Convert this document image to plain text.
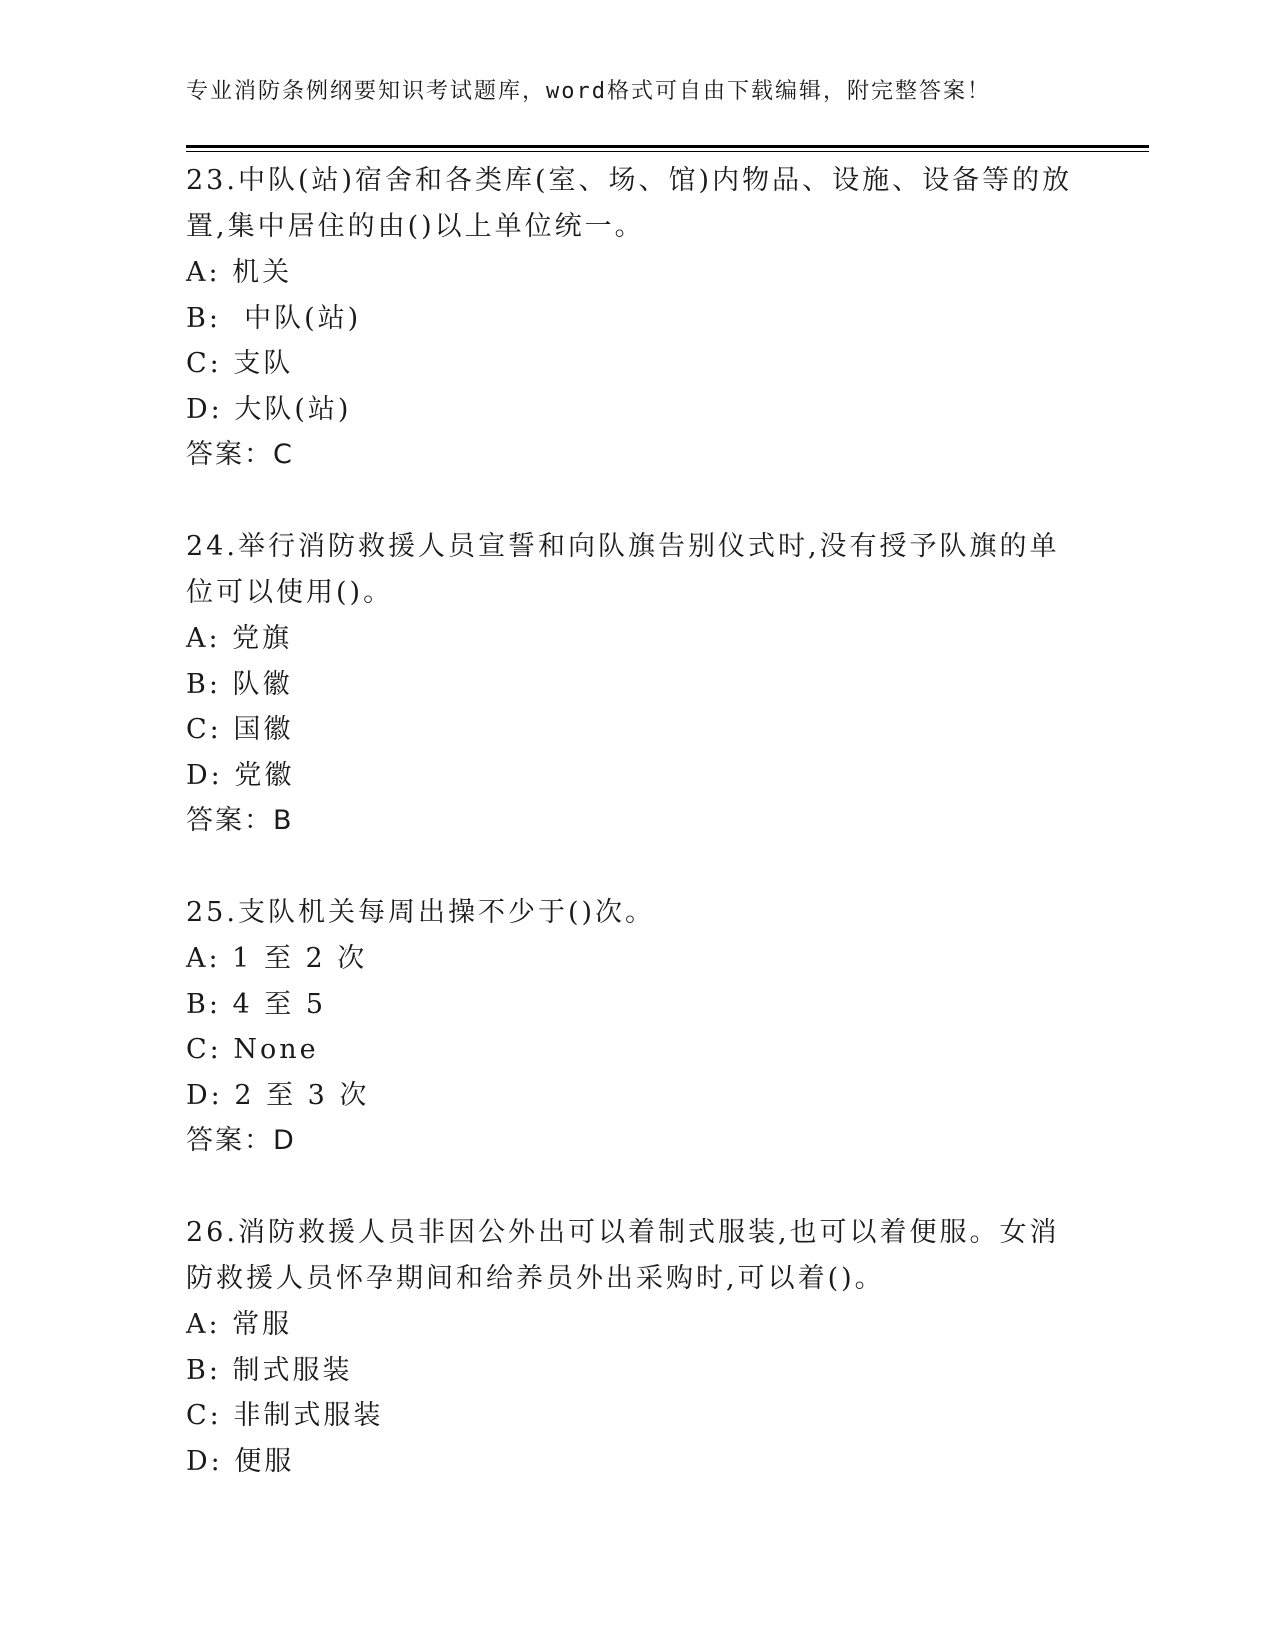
专业消防条例纲要知识考试题库，word格式可自由下载编辑，附完整答案！
23.中队(站)宿舍和各类库(室、场、馆)内物品、设施、设备等的放置,集中居住的由()以上单位统一。
A: 机关
B:  中队(站)
C: 支队
D: 大队(站)
答案：C
24.举行消防救援人员宣誓和向队旗告别仪式时,没有授予队旗的单位可以使用()。
A: 党旗
B: 队徽
C: 国徽
D: 党徽
答案：B
25.支队机关每周出操不少于()次。
A: 1 至 2 次
B: 4 至 5
C: None
D: 2 至 3 次
答案：D
26.消防救援人员非因公外出可以着制式服装,也可以着便服。女消防救援人员怀孕期间和给养员外出采购时,可以着()。
A: 常服
B: 制式服装
C: 非制式服装
D: 便服
